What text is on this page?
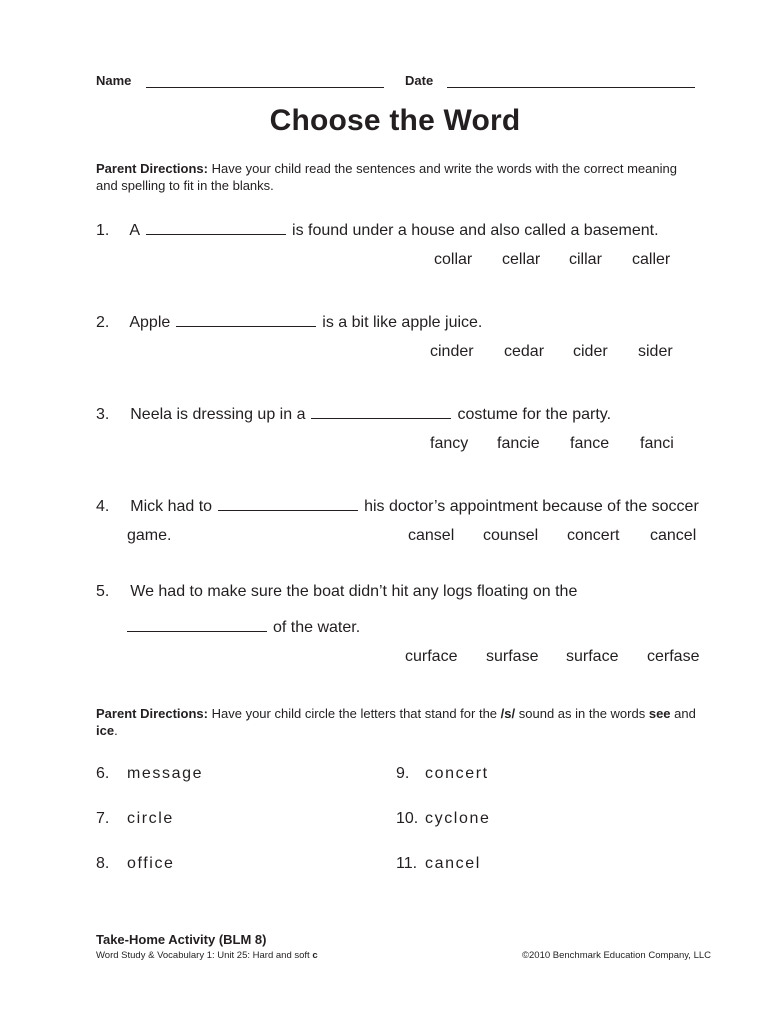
Name	Date
Choose the Word
Parent Directions: Have your child read the sentences and write the words with the correct meaning and spelling to fit in the blanks.
1. A	is found under a house and also called a basement.
collar cellar cillar caller
2. Apple	is a bit like apple juice.
cinder cedar cider sider
3. Neela is dressing up in a	costume for the party.
fancy fancie fance fanci
4. Mick had to	his doctor’s appointment because of the soccer
game.	cansel counsel concert cancel
5. We had to make sure the boat didn’t hit any logs floating on the
of the water.
curface surfase surface cerfase
Parent Directions: Have your child circle the letters that stand for the /s/ sound as in the words see and ice.
6. message
7. circle
8. office
9. concert
10. cyclone
11. cancel
Take-Home Activity (BLM 8)
Word Study & Vocabulary 1: Unit 25: Hard and soft c	©2010 Benchmark Education Company, LLC
